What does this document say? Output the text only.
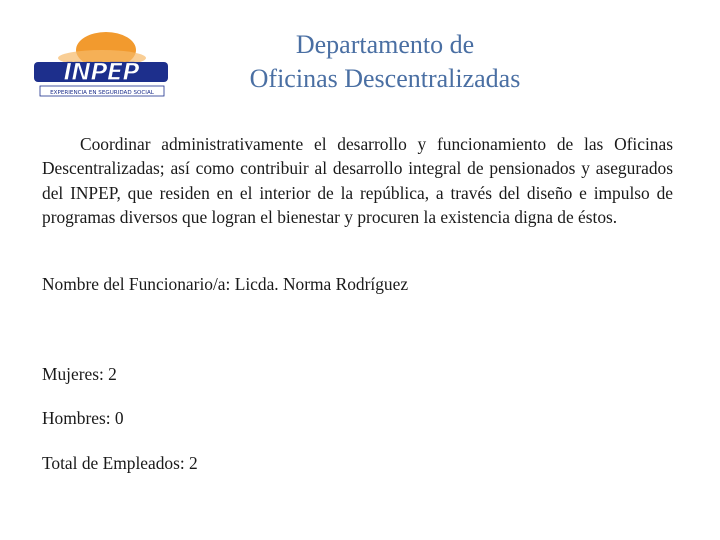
INPEP
EXPERIENCIA EN SEGURIDAD SOCIAL
Departamento de
Oficinas Descentralizadas

Coordinar administrativamente el desarrollo y funcionamiento de las Oficinas Descentralizadas; así como contribuir al desarrollo integral de pensionados y asegurados del INPEP, que residen en el interior de la república, a través del diseño e impulso de programas diversos que logran el bienestar y procuren la existencia digna de éstos.

Nombre del Funcionario/a: Licda. Norma Rodríguez
Mujeres: 2
Hombres: 0
Total de Empleados: 2
